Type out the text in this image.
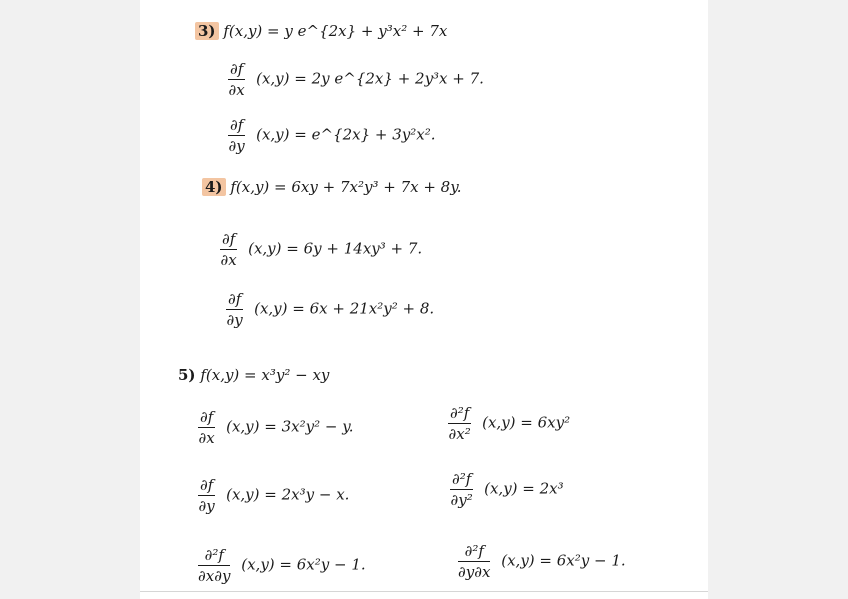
3) f(x,y) = y e^{2x} + y³x² + 7x
$\frac{\partial f}{\partial x} (x,y) = 2y$ e^{2x} + 2y³x + 7.
$\frac{\partial f}{\partial y} (x,y)$ = e^{2x} + 3y²x².
4) f(x,y) = 6xy + 7x²y³ + 7x + 8y.
$\frac{\partial f}{\partial x} (x,y) = 6y + 14xy^3 + 7$.
$\frac{\partial f}{\partial y} (x,y) = 6x + 21x^2y^2 + 8$.
5) f(x,y) = x³y² − xy
$\frac{\partial f}{\partial x} (x,y) = 3x^2y^2 - y$.	$\frac{\text{∂²f}}{\text{∂x²}} (x,y) = 6xy^2$
$\frac{\partial f}{\partial y} (x,y) = 2x^3y - x$.	$\frac{\text{∂²f}}{\text{∂y²}} (x,y) = 2x^3$
$\frac{\text{∂²f}}{\partial x\partial y} (x,y) = 6x^2y - 1$.	$\frac{\text{∂²f}}{\partial y\partial x} (x,y) = 6x^2y - 1$.
